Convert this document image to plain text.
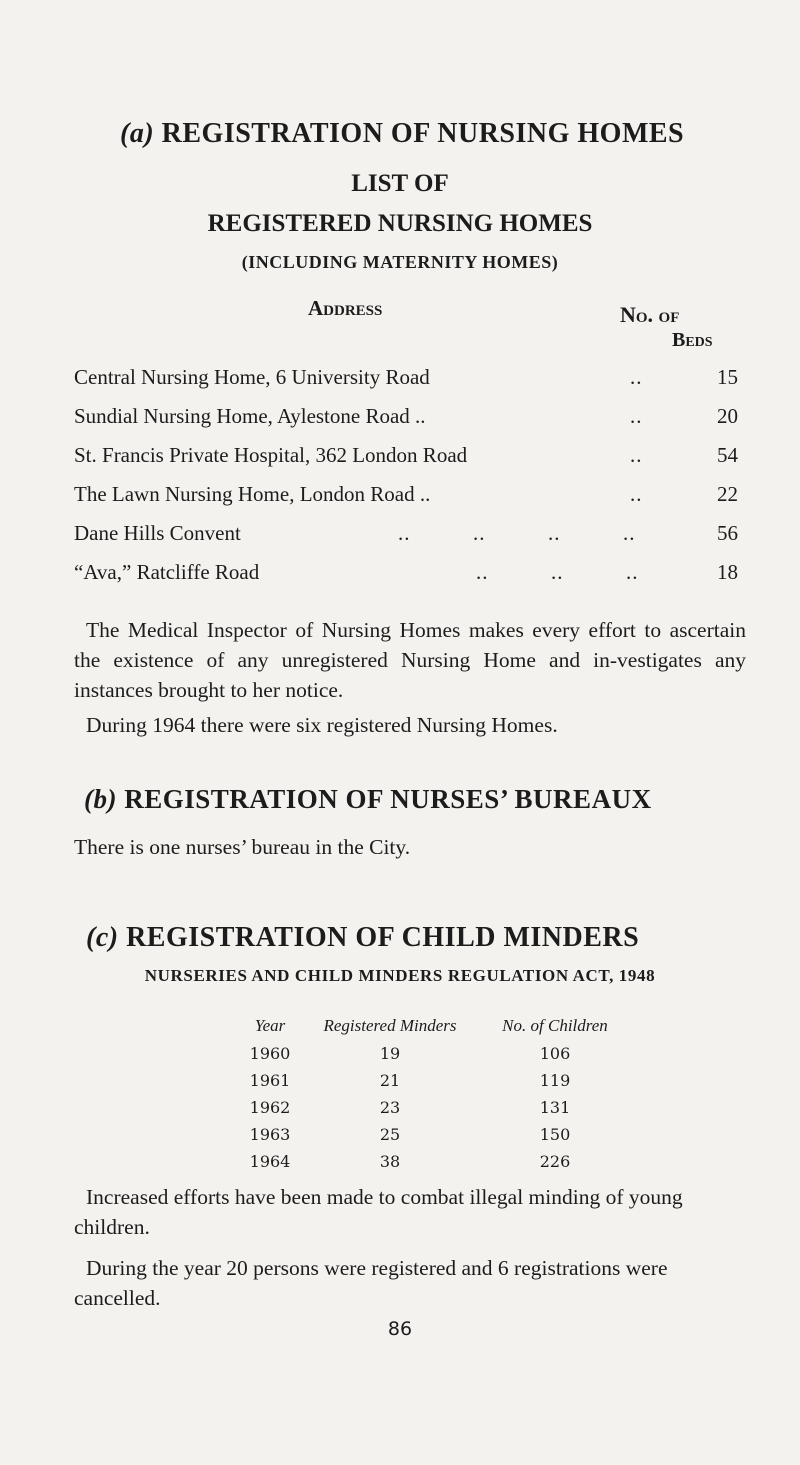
(a) REGISTRATION OF NURSING HOMES
LIST OF
REGISTERED NURSING HOMES
(INCLUDING MATERNITY HOMES)
Address	No. of
Beds
Central Nursing Home, 6 University Road	..	15
Sundial Nursing Home, Aylestone Road ..	..	20
St. Francis Private Hospital, 362 London Road	..	54
The Lawn Nursing Home, London Road ..	..	22
Dane Hills Convent	..          ..          ..          ..	56
“Ava,” Ratcliffe Road	..          ..          ..	18
The Medical Inspector of Nursing Homes makes every effort to ascertain the existence of any unregistered Nursing Home and in-vestigates any instances brought to her notice.
During 1964 there were six registered Nursing Homes.
(b) REGISTRATION OF NURSES’ BUREAUX
There is one nurses’ bureau in the City.
(c) REGISTRATION OF CHILD MINDERS
NURSERIES AND CHILD MINDERS REGULATION ACT, 1948
Year	Registered Minders	No. of Children
1960	19	106
1961	21	119
1962	23	131
1963	25	150
1964	38	226
Increased efforts have been made to combat illegal minding of young children.
During the year 20 persons were registered and 6 registrations were cancelled.
86
